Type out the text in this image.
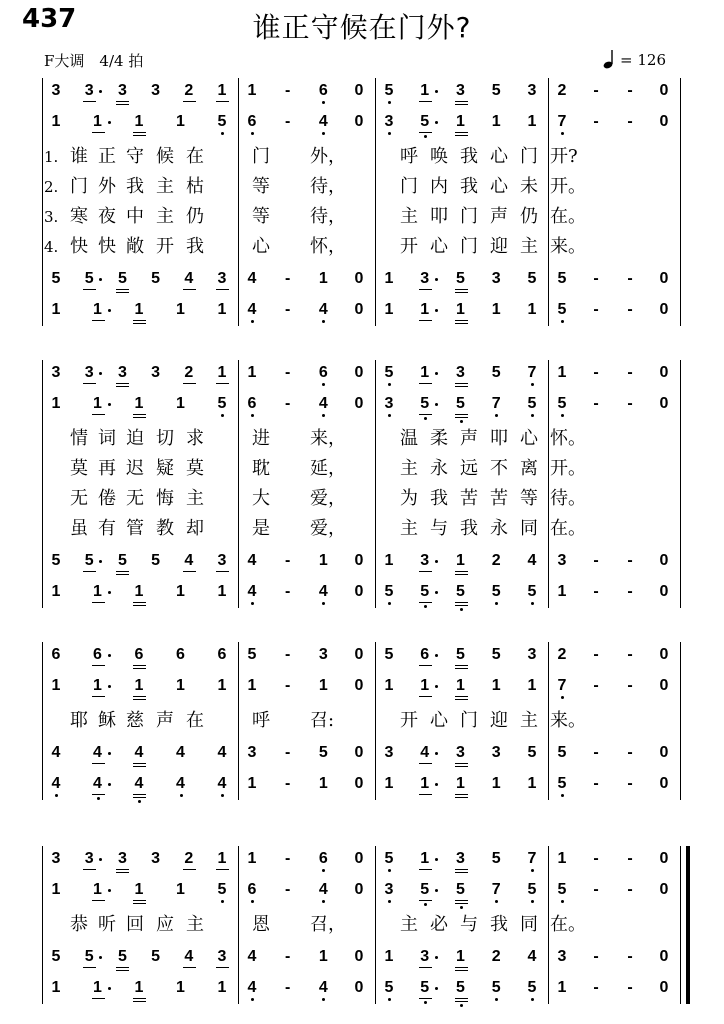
437	谁正守候在门外?
F大调　4/4 拍	= 126
3 3 3 3 2 1 1 - 6 0 5 1 3 5 3 2 - - 0
1 1 1 1 5 6 - 4 0 3 5 1 1 1 7 - - 0
5 5 5 5 4 3 4 - 1 0 1 3 5 3 5 5 - - 0
1 1 1 1 1 4 - 4 0 1 1 1 1 1 5 - - 0
1. 谁 正 守 候 在	门 外，	呼 唤 我 心 门 开?
2. 门 外 我 主 枯	等 待，	门 内 我 心 未 开。
3. 寒 夜 中 主 仍	等 待，	主 叩 门 声 仍 在。
4. 快 快 敞 开 我	心 怀，	开 心 门 迎 主 来。
3 3 3 3 2 1 1 - 6 0 5 1 3 5 7 1 - - 0
1 1 1 1 5 6 - 4 0 3 5 5 7 5 5 - - 0
5 5 5 5 4 3 4 - 1 0 1 3 1 2 4 3 - - 0
1 1 1 1 1 4 - 4 0 5 5 5 5 5 1 - - 0
情 词 迫 切 求	进 来，	温 柔 声 叩 心 怀。
莫 再 迟 疑 莫	耽 延，	主 永 远 不 离 开。
无 倦 无 悔 主	大 爱，	为 我 苦 苦 等 待。
虽 有 管 教 却	是 爱，	主 与 我 永 同 在。
6 6 6 6 6 5 - 3 0 5 6 5 5 3 2 - - 0
1 1 1 1 1 1 - 1 0 1 1 1 1 1 7 - - 0
4 4 4 4 4 3 - 5 0 3 4 3 3 5 5 - - 0
4 4 4 4 4 1 - 1 0 1 1 1 1 1 5 - - 0
耶 稣 慈 声 在	呼 召:	开 心 门 迎 主 来。
3 3 3 3 2 1 1 - 6 0 5 1 3 5 7 1 - - 0
1 1 1 1 5 6 - 4 0 3 5 5 7 5 5 - - 0
5 5 5 5 4 3 4 - 1 0 1 3 1 2 4 3 - - 0
1 1 1 1 1 4 - 4 0 5 5 5 5 5 1 - - 0
恭 听 回 应 主	恩 召，	主 必 与 我 同 在。
